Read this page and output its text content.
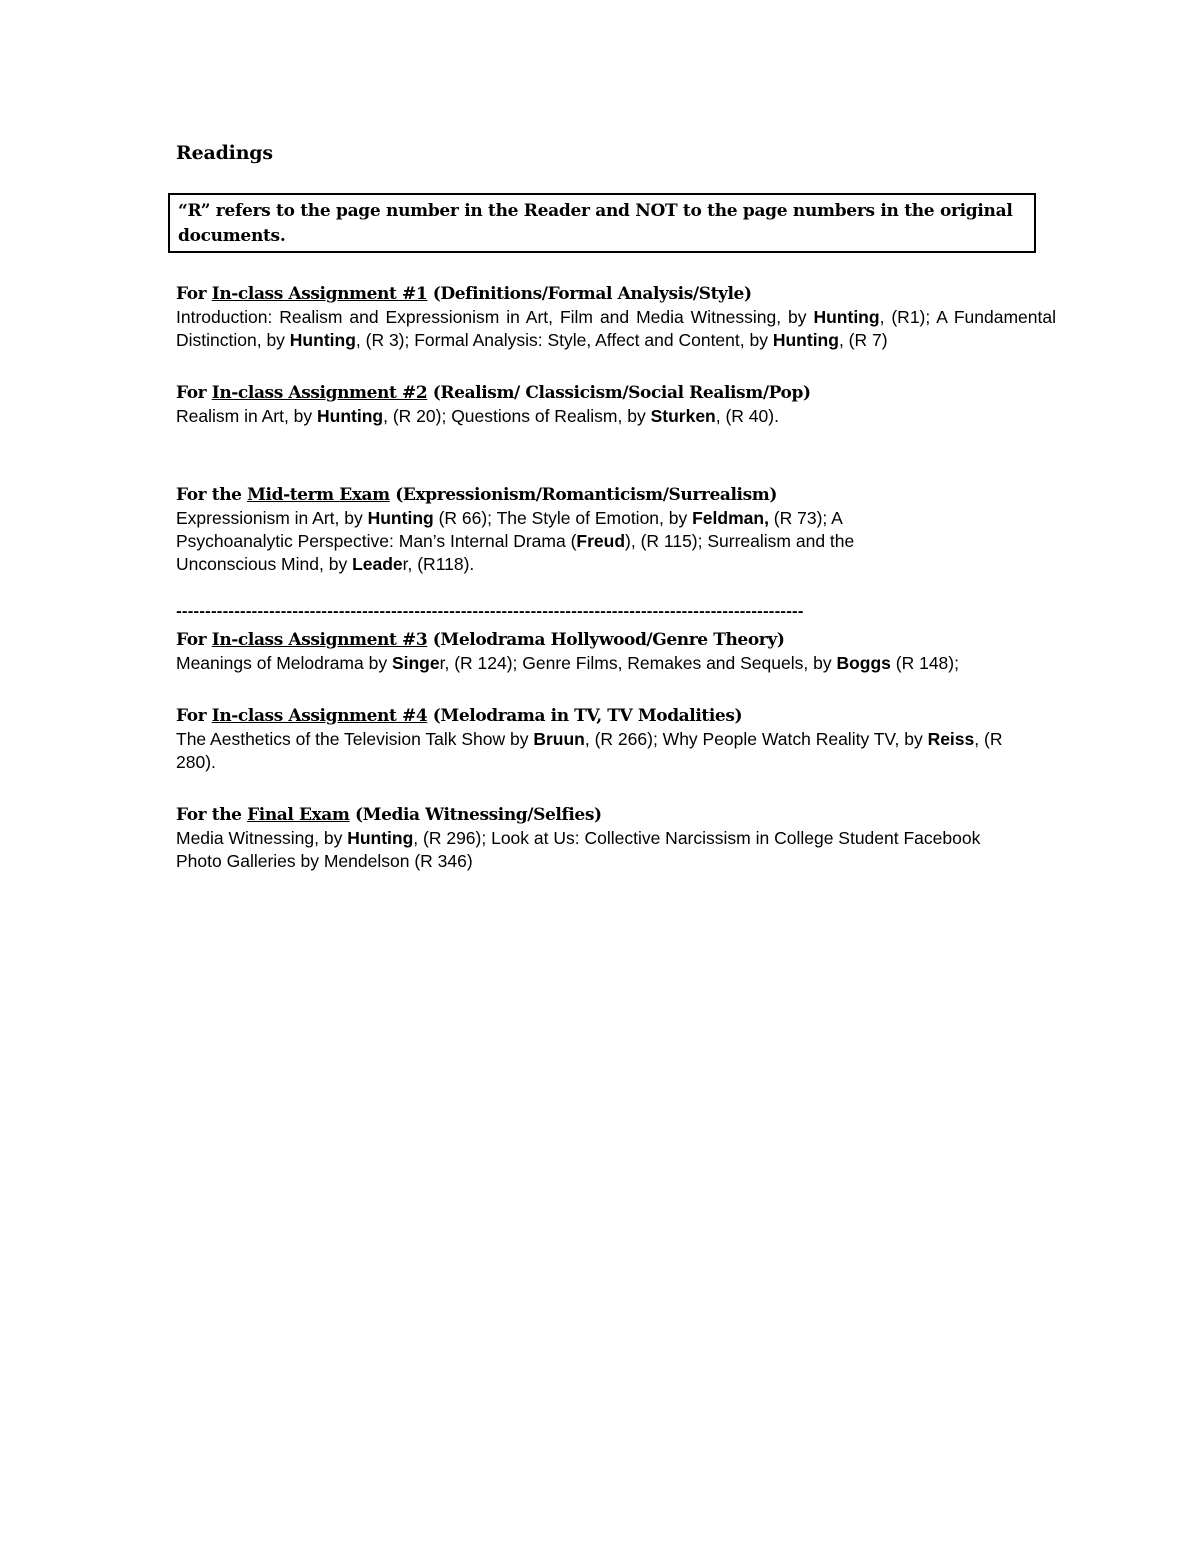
Readings
“R” refers to the page number in the Reader and NOT to the page numbers in the original documents.
For In-class Assignment #1 (Definitions/Formal Analysis/Style)
Introduction: Realism and Expressionism in Art, Film and Media Witnessing, by Hunting, (R1); A Fundamental Distinction, by Hunting, (R 3); Formal Analysis: Style, Affect and Content, by Hunting, (R 7)
For In-class Assignment #2 (Realism/ Classicism/Social Realism/Pop)
Realism in Art, by Hunting, (R 20); Questions of Realism, by Sturken, (R 40).
For the Mid-term Exam (Expressionism/Romanticism/Surrealism)
Expressionism in Art, by Hunting (R 66); The Style of Emotion, by Feldman, (R 73); A Psychoanalytic Perspective: Man’s Internal Drama (Freud), (R 115); Surrealism and the Unconscious Mind, by Leader, (R118).
------------------------------------------------------------------------------------------------------------
For In-class Assignment #3 (Melodrama Hollywood/Genre Theory)
Meanings of Melodrama by Singer, (R 124); Genre Films, Remakes and Sequels, by Boggs (R 148);
For In-class Assignment #4 (Melodrama in TV, TV Modalities)
The Aesthetics of the Television Talk Show by Bruun, (R 266); Why People Watch Reality TV, by Reiss, (R 280).
For the Final Exam (Media Witnessing/Selfies)
Media Witnessing, by Hunting, (R 296); Look at Us: Collective Narcissism in College Student Facebook Photo Galleries by Mendelson (R 346)
